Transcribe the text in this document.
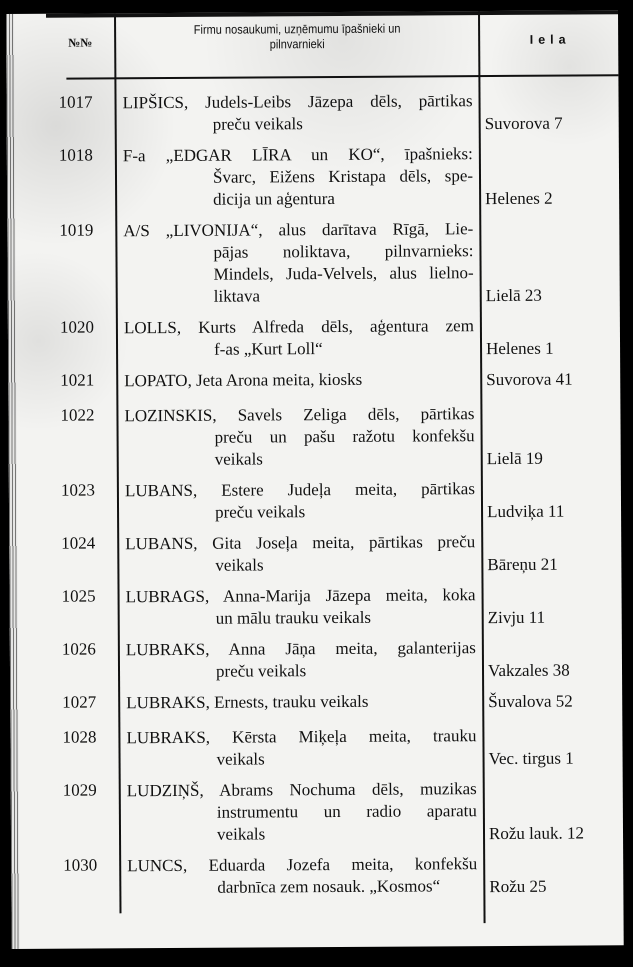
№№
Firmu nosaukumi, uzņēmumu īpašnieki un
pilnvarnieki	Iela
1017	LIPŠICS, Judels-Leibs Jāzepa dēls, pārtikas
preču veikals	Suvorova 7
1018	F-a „EDGAR LĪRA un KO“, īpašnieks:
Švarc, Eižens Kristapa dēls, spe-
dicija un aģentura	Helenes 2
1019	A/S „LIVONIJA“, alus darītava Rīgā, Lie-
pājas noliktava, pilnvarnieks:
Mindels, Juda-Velvels, alus lielno-
liktava	Lielā 23
1020	LOLLS, Kurts Alfreda dēls, aģentura zem
f-as „Kurt Loll“	Helenes 1
1021	LOPATO, Jeta Arona meita, kiosks	Suvorova 41
1022	LOZINSKIS, Savels Zeliga dēls, pārtikas
preču un pašu ražotu konfekšu
veikals	Lielā 19
1023	LUBANS, Estere Judeļa meita, pārtikas
preču veikals	Ludviķa 11
1024	LUBANS, Gita Joseļa meita, pārtikas preču
veikals	Bāreņu 21
1025	LUBRAGS, Anna-Marija Jāzepa meita, koka
un mālu trauku veikals	Zivju 11
1026	LUBRAKS, Anna Jāņa meita, galanterijas
preču veikals	Vakzales 38
1027	LUBRAKS, Ernests, trauku veikals	Šuvalova 52
1028	LUBRAKS, Kērsta Miķeļa meita, trauku
veikals	Vec. tirgus 1
1029	LUDZIŅŠ, Abrams Nochuma dēls, muzikas
instrumentu un radio aparatu
veikals	Rožu lauk. 12
1030	LUNCS, Eduarda Jozefa meita, konfekšu
darbnīca zem nosauk. „Kosmos“	Rožu 25
